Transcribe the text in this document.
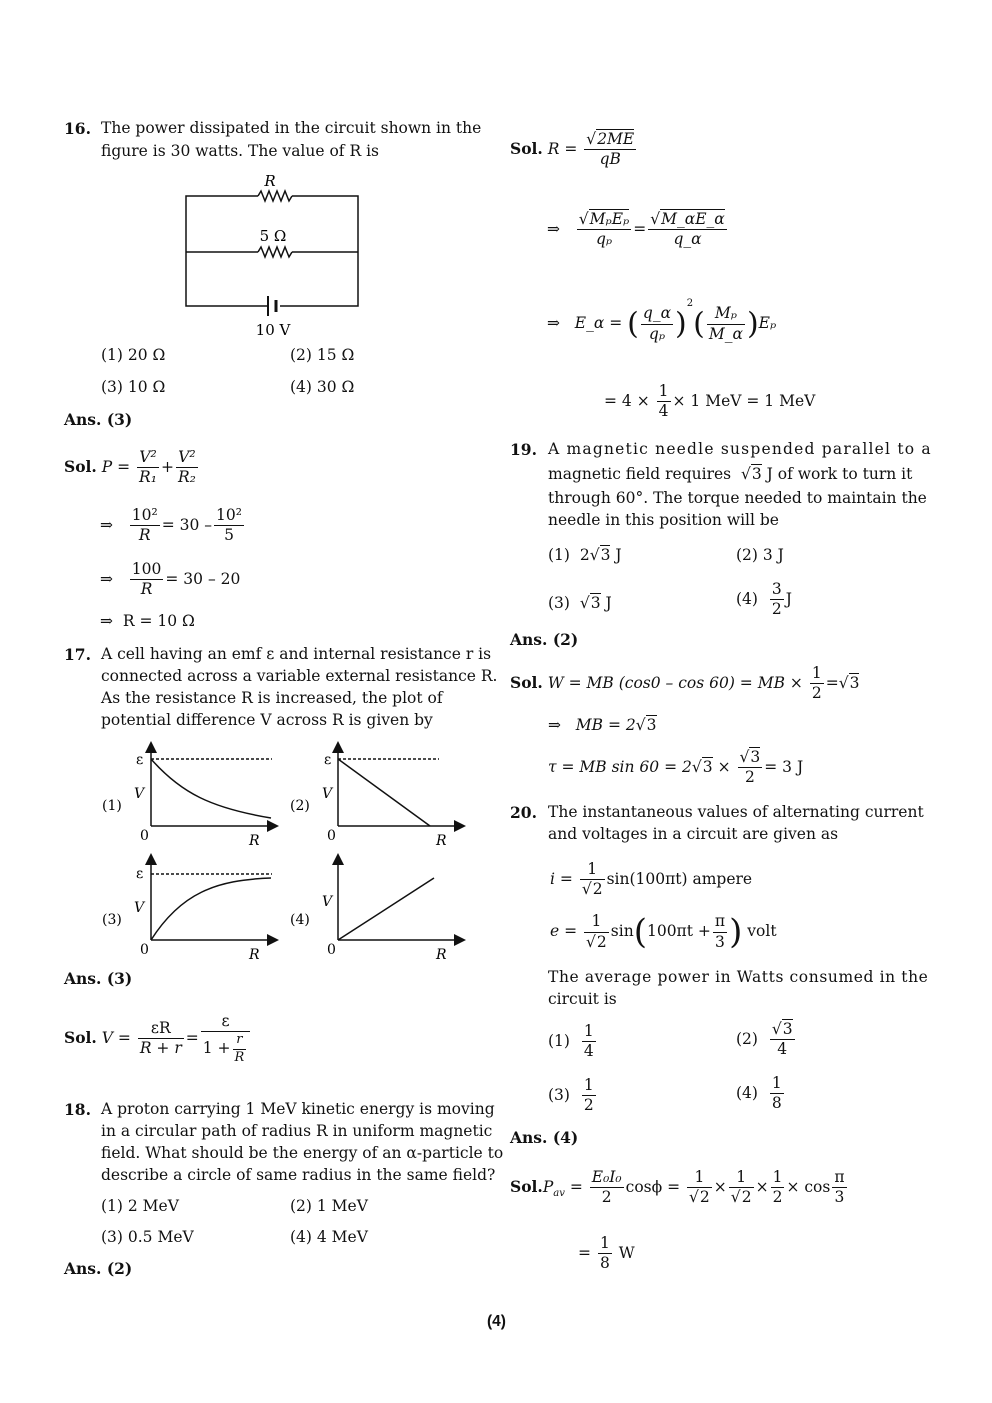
16. The power dissipated in the circuit shown in the
figure is 30 watts. The value of R is
R
5 Ω
10 V
(1) 20 Ω	(2) 15 Ω
(3) 10 Ω	(4) 30 Ω
Ans. (3)
Sol. $P = \frac{\text{V²}}{\text{R₁}} + \frac{\text{V²}}{\text{R₂}}$
⇒ $\frac{\text{10²}}{R} = 30 - \frac{\text{10²}}{5}$
⇒ $\frac{100}{R} = 30 - 20$
⇒ R = 10 Ω
17. A cell having an emf ε and internal resistance r is
connected across a variable external resistance R.
As the resistance R is increased, the plot of
potential difference V across R is given by
(1)
ε
V
0	R
(2)
ε
V
0	R
(3)
ε
V
0	R
(4)
V
0	R
Ans. (3)
Sol. $V = \frac{\varepsilon R}{R + r} = \frac{\varepsilon}{1 + \frac{r}{R}}$
18. A proton carrying 1 MeV kinetic energy is moving
in a circular path of radius R in uniform magnetic
field. What should be the energy of an α-particle to
describe a circle of same radius in the same field?
(1) 2 MeV	(2) 1 MeV
(3) 0.5 MeV	(4) 4 MeV
Ans. (2)
Sol. $R = \frac{√2ME}{qB}$
⇒ $\frac{\text{√MₚEₚ}}{\text{qₚ}} = \frac{√M\_\alpha E\_\alpha}{q\_\alpha}$
⇒ E_α = ( $\frac{q\_\alpha}{\text{qₚ}} )^2( \frac{\text{Mₚ}}{M\_\alpha} )E_p$
= $4 \times \frac{1}{4} \times 1$ MeV = 1 MeV
19. A magnetic needle suspended parallel to a
magnetic field requires  √3 J of work to turn it
through 60°. The torque needed to maintain the
needle in this position will be
(1) 2√3 J	(2) 3 J
(3)  √3 J	$(4) \frac{3}{2}$ J
Ans. (2)
Sol. W = MB (cos0 – cos 60) = MB × $\frac{1}{2} =√3$
⇒ MB = 2√3
τ = MB $\sin 60 = 2√3 \times \frac{√3}{2} = 3$ J
20. The instantaneous values of alternating current
and voltages in a circuit are given as
$i = \frac{1}{√2} \sin(100\pi t)$ ampere
$e = \frac{1}{√2} \sin(100\pi t + \frac{\pi}{3}$ ) volt
The average power in Watts consumed in the
circuit is
$(1) \frac{1}{4}$	$(2) \frac{√3}{4}$
$(3) \frac{1}{2}$	$(4) \frac{1}{8}$
Ans. (4)
$Sol.P_{av} = \frac{\text{E₀I₀}}{2}$ $\cos\phi = \frac{1}{√2} \times \frac{1}{√2} \times \frac{1}{2} \times \cos \frac{\pi}{3}$
= $\frac{1}{8}$ W
(4)
